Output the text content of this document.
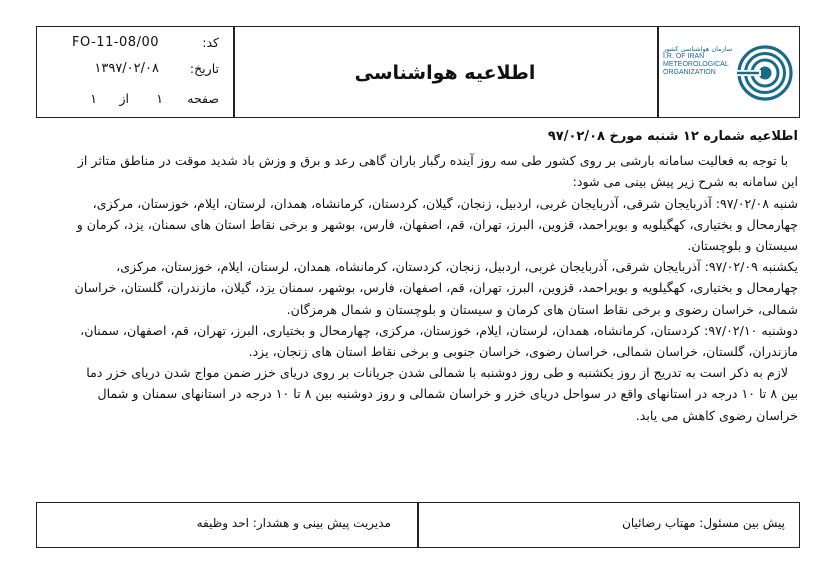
کد:
FO-11-08/00
تاریخ:
۱۳۹۷/۰۲/۰۸
صفحه
۱
از
۱
اطلاعیه هواشناسی
سازمان هواشناسی کشور
I.R. OF IRAN
METEOROLOGICAL
ORGANIZATION

اطلاعیه شماره ۱۲ شنبه مورخ ۹۷/۰۲/۰۸

با توجه به فعالیت سامانه بارشی بر روی کشور طی سه روز آینده رگبار باران گاهی رعد و برق و وزش باد شدید موقت در مناطق متاثر از

این سامانه به شرح زیر پیش بینی می شود:

شنبه ۹۷/۰۲/۰۸: آذربایجان شرقی، آذربایجان غربی، اردبیل، زنجان، گیلان، کردستان، کرمانشاه، همدان، لرستان، ایلام، خوزستان، مرکزی،

چهارمحال و بختیاری، کهگیلویه و بویراحمد، قزوین، البرز، تهران، قم، اصفهان، فارس، بوشهر و برخی نقاط استان های سمنان، یزد، کرمان و

سیستان و بلوچستان.

یکشنبه ۹۷/۰۲/۰۹: آذربایجان شرقی، آذربایجان غربی، اردبیل، زنجان، کردستان، کرمانشاه، همدان، لرستان، ایلام، خوزستان، مرکزی،

چهارمحال و بختیاری، کهگیلویه و بویراحمد، قزوین، البرز، تهران، قم، اصفهان، فارس، بوشهر، سمنان یزد، گیلان، مازندران، گلستان، خراسان

شمالی، خراسان رضوی و برخی نقاط استان های کرمان و سیستان و بلوچستان و شمال هرمزگان.

دوشنبه ۹۷/۰۲/۱۰: کردستان، کرمانشاه، همدان، لرستان، ایلام، خوزستان، مرکزی، چهارمحال و بختیاری، البرز، تهران، قم، اصفهان، سمنان،

مازندران، گلستان، خراسان شمالی، خراسان رضوی، خراسان جنوبی و برخی نقاط استان های زنجان، یزد.

لازم به ذکر است به تدریج از روز یکشنبه و طی روز دوشنبه با شمالی شدن جریانات بر روی دریای خزر ضمن مواج شدن دریای خزر دما

بین ۸ تا ۱۰ درجه در استانهای واقع در سواحل دریای خزر و خراسان شمالی و روز دوشنبه بین ۸ تا ۱۰ درجه در استانهای سمنان و شمال

خراسان رضوی کاهش می یابد.

پیش بین مسئول: مهتاب رضائیان
مدیریت پیش بینی و هشدار: احد وظیفه
